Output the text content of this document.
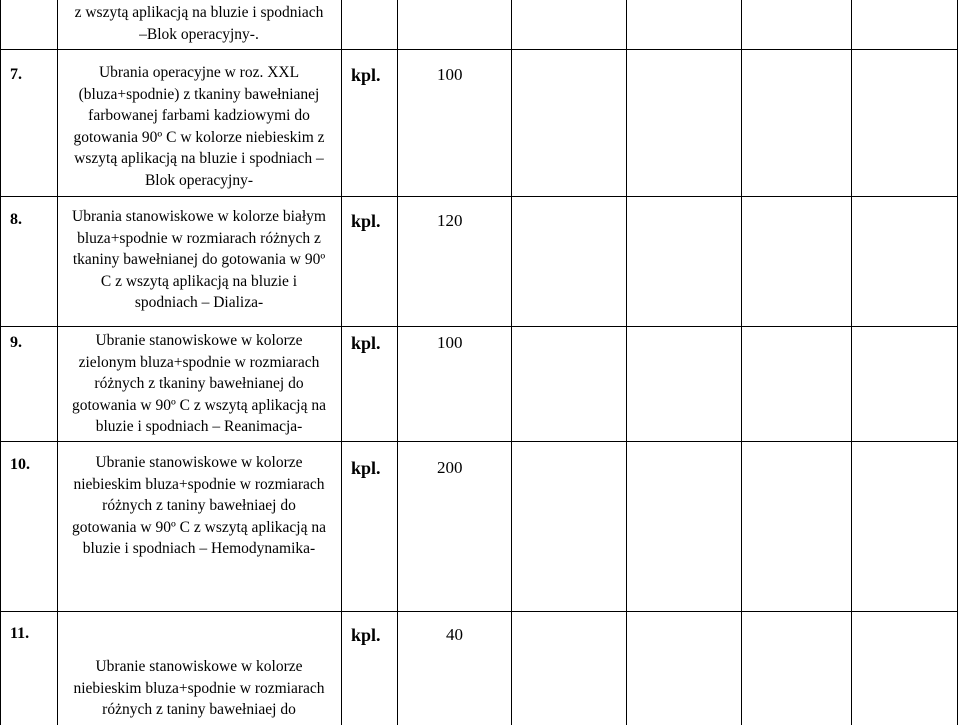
z wszytą aplikacją na bluzie i spodniach
–Blok operacyjny-.
7.	Ubrania operacyjne w roz. XXL
(bluza+spodnie) z tkaniny bawełnianej
farbowanej farbami kadziowymi do
gotowania 90º C w kolorze niebieskim z
wszytą aplikacją na bluzie i spodniach –
Blok operacyjny-
kpl.	100
8.	Ubrania stanowiskowe w kolorze białym
bluza+spodnie w rozmiarach różnych z
tkaniny bawełnianej do gotowania w 90º
C z wszytą aplikacją na bluzie i
spodniach – Dializa-
kpl.	120
9.	Ubranie stanowiskowe w kolorze
zielonym bluza+spodnie w rozmiarach
różnych z tkaniny bawełnianej do
gotowania w 90º C z wszytą aplikacją na
bluzie i spodniach – Reanimacja-
kpl.	100
10.	Ubranie stanowiskowe w kolorze
niebieskim bluza+spodnie w rozmiarach
różnych z taniny bawełniaej do
gotowania w 90º C z wszytą aplikacją na
bluzie i spodniach – Hemodynamika-
kpl.	200
11.
Ubranie stanowiskowe w kolorze
niebieskim bluza+spodnie w rozmiarach
różnych z taniny bawełniaej do
kpl.	40
